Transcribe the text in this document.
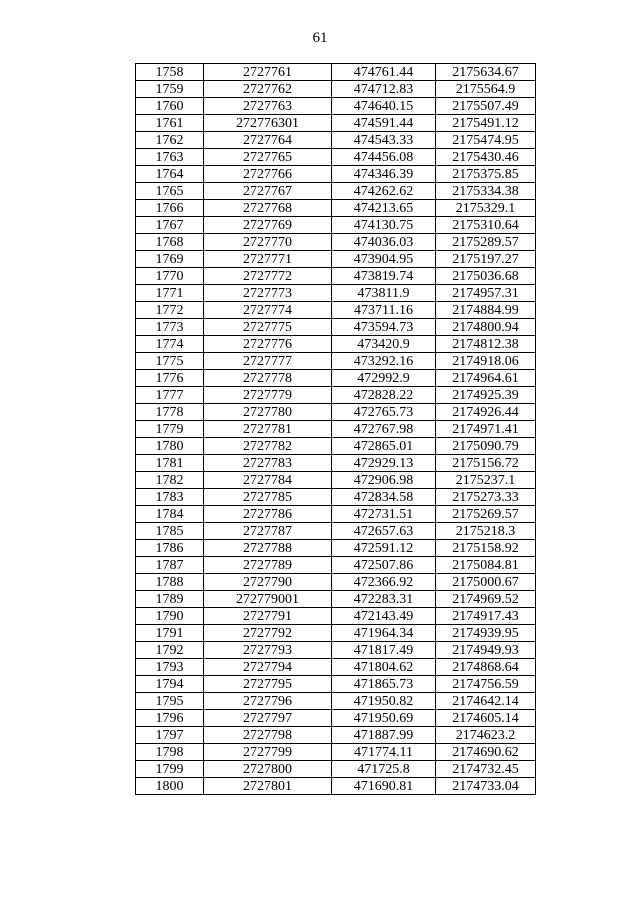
61
1758	2727761	474761.44	2175634.67
1759	2727762	474712.83	2175564.9
1760	2727763	474640.15	2175507.49
1761	272776301	474591.44	2175491.12
1762	2727764	474543.33	2175474.95
1763	2727765	474456.08	2175430.46
1764	2727766	474346.39	2175375.85
1765	2727767	474262.62	2175334.38
1766	2727768	474213.65	2175329.1
1767	2727769	474130.75	2175310.64
1768	2727770	474036.03	2175289.57
1769	2727771	473904.95	2175197.27
1770	2727772	473819.74	2175036.68
1771	2727773	473811.9	2174957.31
1772	2727774	473711.16	2174884.99
1773	2727775	473594.73	2174800.94
1774	2727776	473420.9	2174812.38
1775	2727777	473292.16	2174918.06
1776	2727778	472992.9	2174964.61
1777	2727779	472828.22	2174925.39
1778	2727780	472765.73	2174926.44
1779	2727781	472767.98	2174971.41
1780	2727782	472865.01	2175090.79
1781	2727783	472929.13	2175156.72
1782	2727784	472906.98	2175237.1
1783	2727785	472834.58	2175273.33
1784	2727786	472731.51	2175269.57
1785	2727787	472657.63	2175218.3
1786	2727788	472591.12	2175158.92
1787	2727789	472507.86	2175084.81
1788	2727790	472366.92	2175000.67
1789	272779001	472283.31	2174969.52
1790	2727791	472143.49	2174917.43
1791	2727792	471964.34	2174939.95
1792	2727793	471817.49	2174949.93
1793	2727794	471804.62	2174868.64
1794	2727795	471865.73	2174756.59
1795	2727796	471950.82	2174642.14
1796	2727797	471950.69	2174605.14
1797	2727798	471887.99	2174623.2
1798	2727799	471774.11	2174690.62
1799	2727800	471725.8	2174732.45
1800	2727801	471690.81	2174733.04
